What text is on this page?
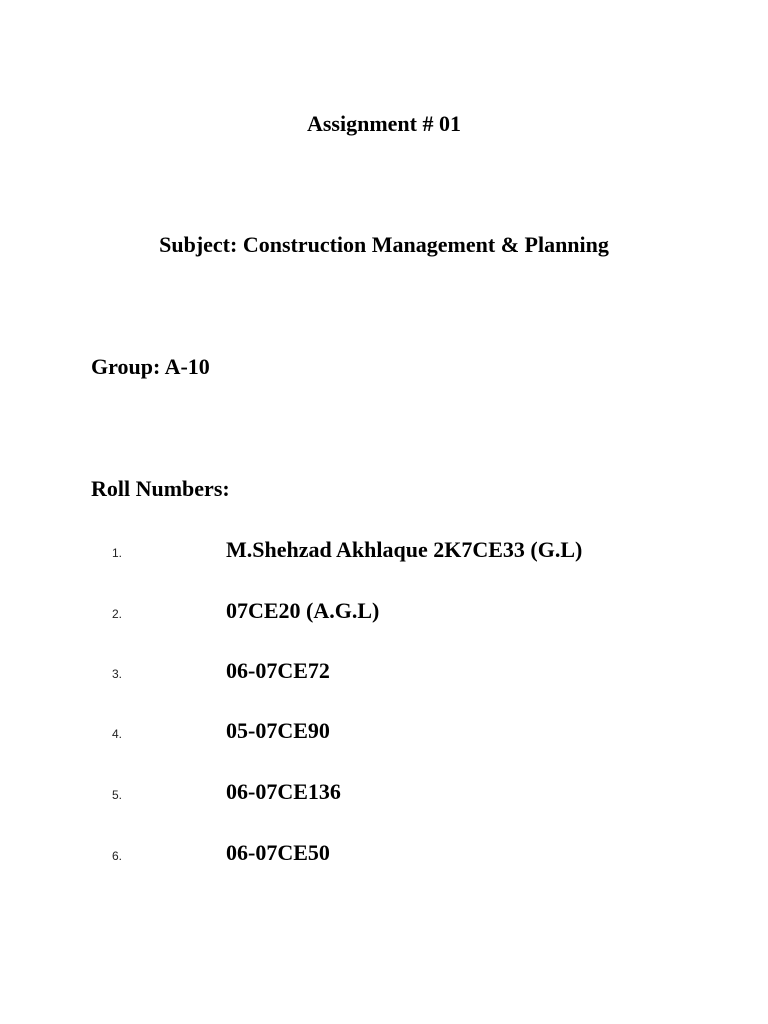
Assignment # 01
Subject: Construction Management & Planning
Group: A-10
Roll Numbers:
1.	M.Shehzad Akhlaque 2K7CE33 (G.L)
2.	07CE20 (A.G.L)
3.	06-07CE72
4.	05-07CE90
5.	06-07CE136
6.	06-07CE50
